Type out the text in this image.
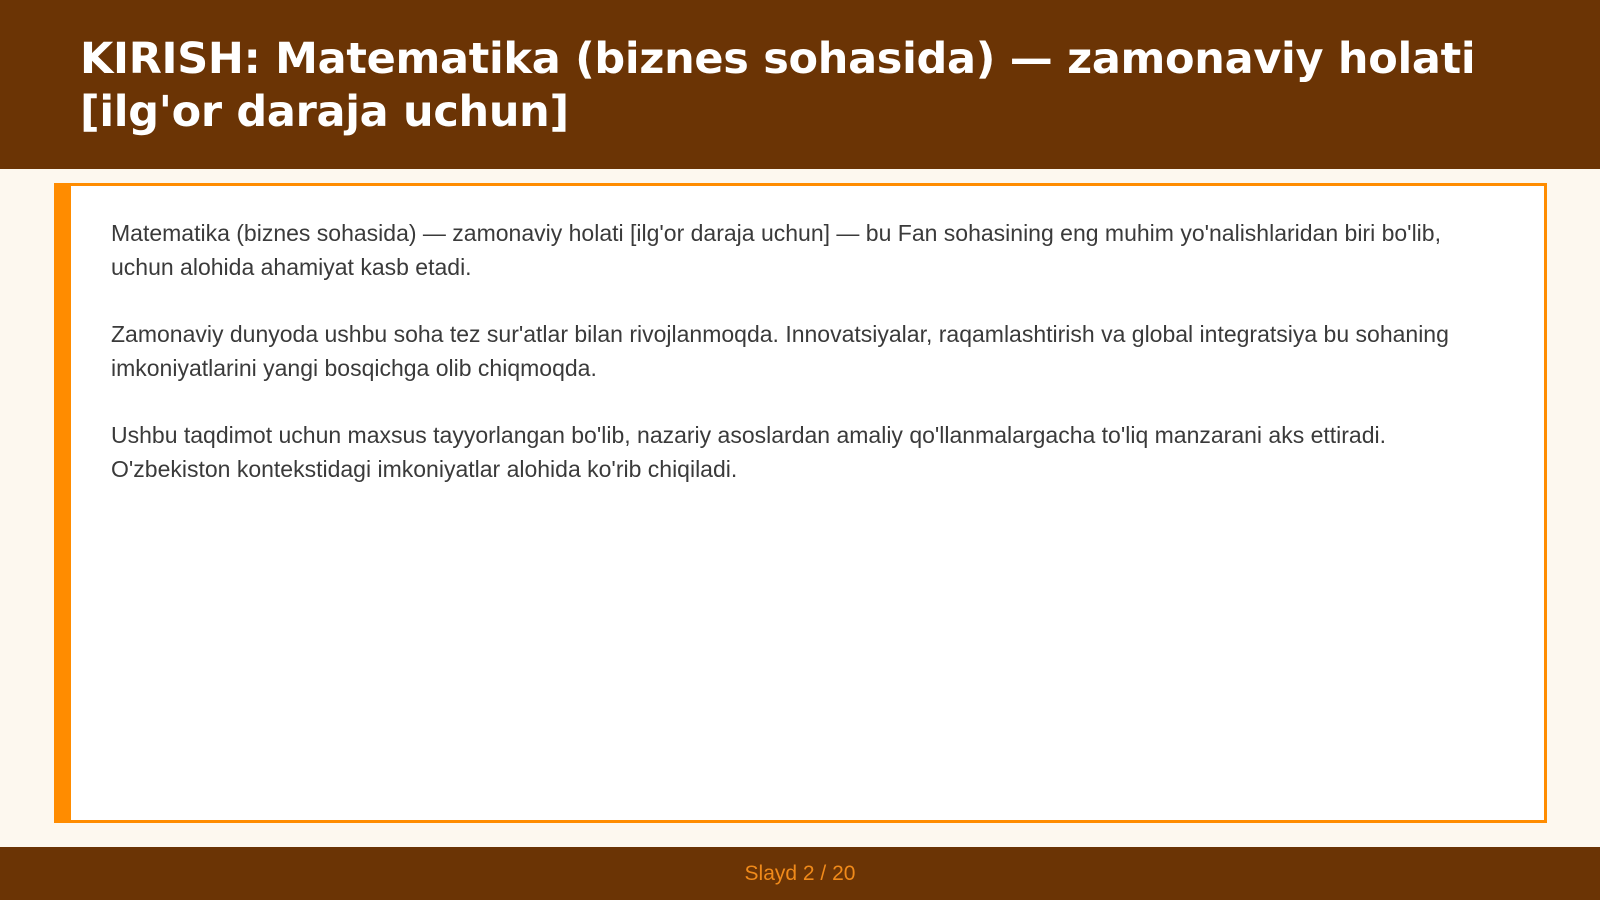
KIRISH: Matematika (biznes sohasida) — zamonaviy holati [ilg'or daraja uchun]

Matematika (biznes sohasida) — zamonaviy holati [ilg'or daraja uchun] — bu Fan sohasining eng muhim yo'nalishlaridan biri bo'lib, uchun alohida ahamiyat kasb etadi.

Zamonaviy dunyoda ushbu soha tez sur'atlar bilan rivojlanmoqda. Innovatsiyalar, raqamlashtirish va global integratsiya bu sohaning imkoniyatlarini yangi bosqichga olib chiqmoqda.

Ushbu taqdimot uchun maxsus tayyorlangan bo'lib, nazariy asoslardan amaliy qo'llanmalargacha to'liq manzarani aks ettiradi. O'zbekiston kontekstidagi imkoniyatlar alohida ko'rib chiqiladi.

Slayd 2 / 20
